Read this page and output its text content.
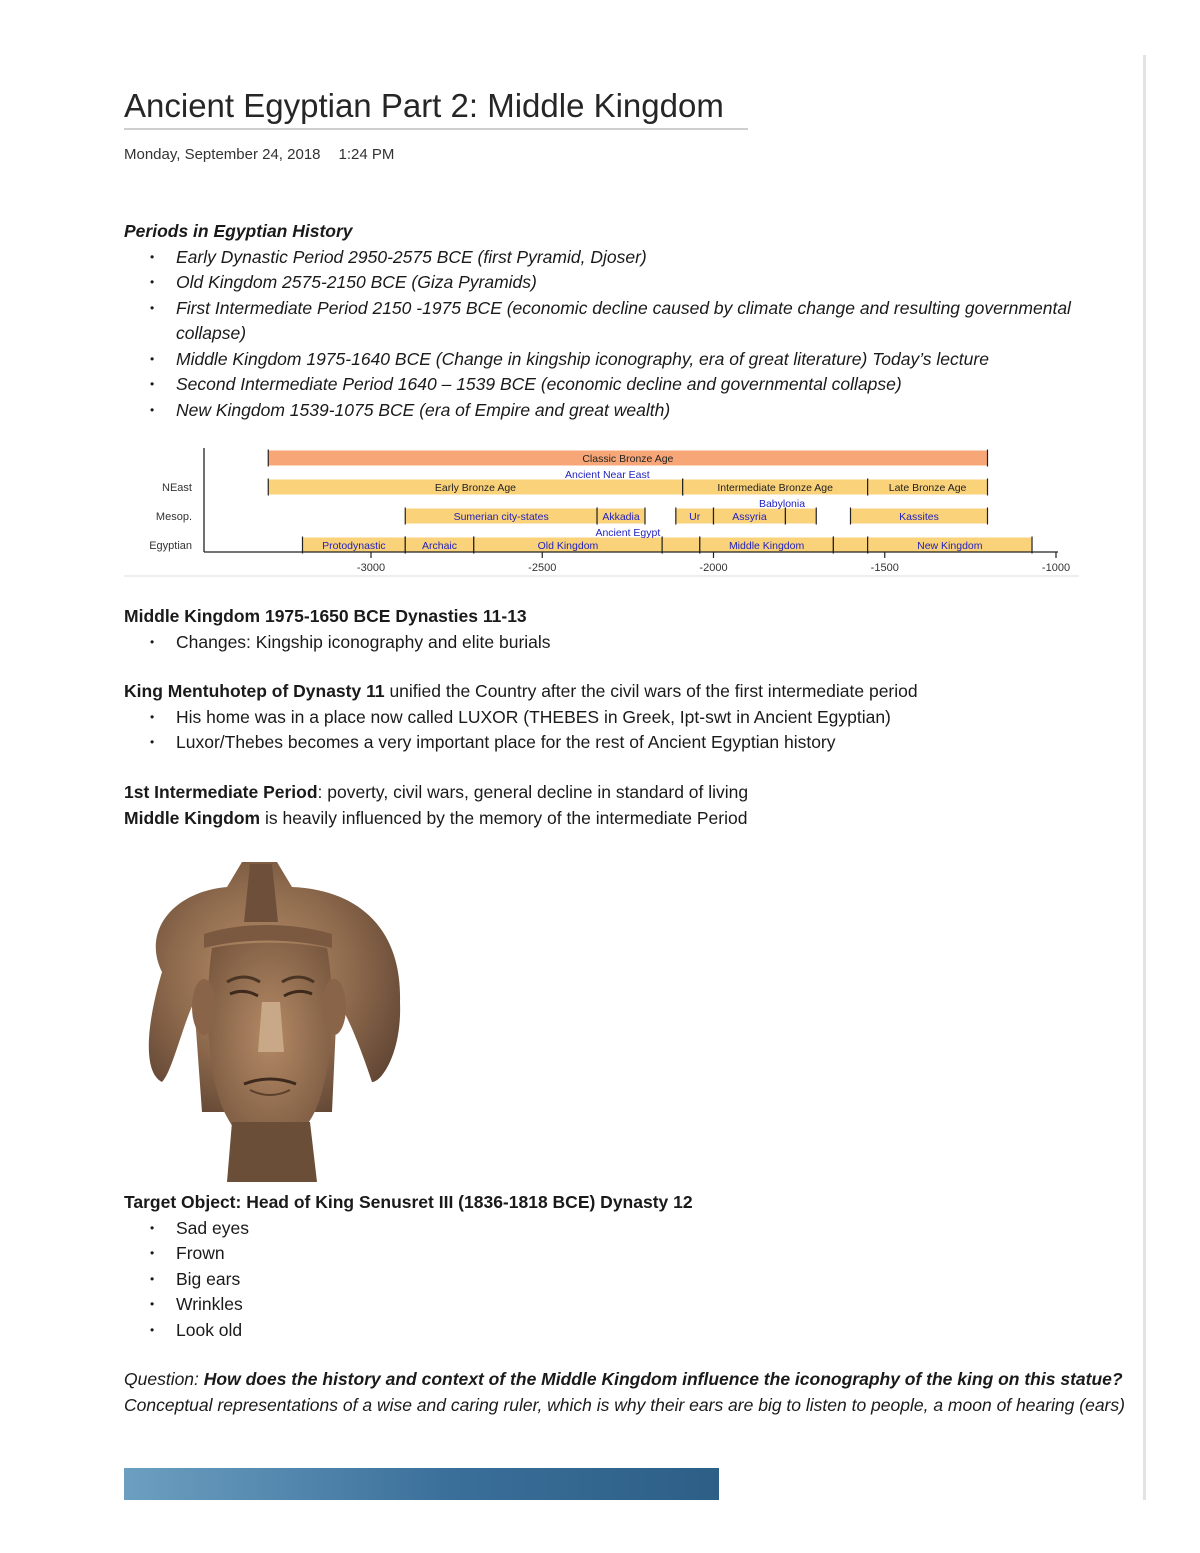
Ancient Egyptian Part 2: Middle Kingdom
Monday, September 24, 2018 1:24 PM

Periods in Egyptian History

• Early Dynastic Period 2950-2575 BCE (first Pyramid, Djoser)
• Old Kingdom 2575-2150 BCE (Giza Pyramids)
• First Intermediate Period 2150 -1975 BCE (economic decline caused by climate change and resulting governmental collapse)
• Middle Kingdom 1975-1640 BCE (Change in kingship iconography, era of great literature) Today’s lecture
• Second Intermediate Period 1640 – 1539 BCE (economic decline and governmental collapse)
• New Kingdom 1539-1075 BCE (era of Empire and great wealth)
Classic Bronze Age
Early Bronze Age	Intermediate Bronze Age	Late Bronze Age
Sumerian city-states	Akkadia	Ur	Assyria	Kassites
Protodynastic	Archaic	Old Kingdom	Middle Kingdom	New Kingdom
Ancient Near East
Babylonia
Ancient Egypt
NEast
Mesop.
Egyptian
-3000	-2500	-2000	-1500	-1000

Middle Kingdom 1975-1650 BCE Dynasties 11-13

• Changes: Kingship iconography and elite burials

King Mentuhotep of Dynasty 11 unified the Country after the civil wars of the first intermediate period

• His home was in a place now called LUXOR (THEBES in Greek, Ipt-swt in Ancient Egyptian)
• Luxor/Thebes becomes a very important place for the rest of Ancient Egyptian history

1st Intermediate Period: poverty, civil wars, general decline in standard of living

Middle Kingdom is heavily influenced by the memory of the intermediate Period

Target Object: Head of King Senusret III (1836-1818 BCE) Dynasty 12

• Sad eyes
• Frown
• Big ears
• Wrinkles
• Look old

Question: How does the history and context of the Middle Kingdom influence the iconography of the king on this statue?

Conceptual representations of a wise and caring ruler, which is why their ears are big to listen to people, a moon of hearing (ears)
